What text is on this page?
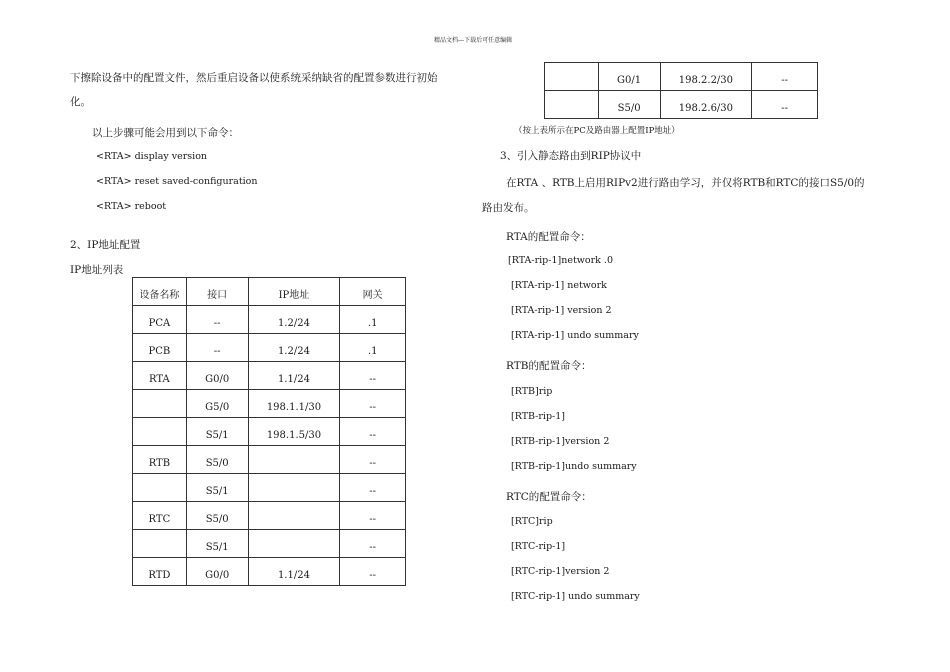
精品文档---下载后可任意编辑
下擦除设备中的配置文件，然后重启设备以使系统采纳缺省的配置参数进行初始
化。
以上步骤可能会用到以下命令：
<RTA> display version
<RTA> reset saved-configuration
<RTA> reboot
2、IP地址配置
IP地址列表
设备名称	接口	IP地址	网关
PCA	--	1.2/24	.1
PCB	--	1.2/24	.1
RTA	G0/0	1.1/24	--
	G5/0	198.1.1/30	--
	S5/1	198.1.5/30	--
RTB	S5/0		--
	S5/1		--
RTC	S5/0		--
	S5/1		--
RTD	G0/0	1.1/24	--
	G0/1	198.2.2/30	--
	S5/0	198.2.6/30	--
（按上表所示在PC及路由器上配置IP地址）
3、引入静态路由到RIP协议中
在RTA 、RTB上启用RIPv2进行路由学习，并仅将RTB和RTC的接口S5/0的
路由发布。
RTA的配置命令：
[RTA-rip-1]network .0
[RTA-rip-1] network
[RTA-rip-1] version 2
[RTA-rip-1] undo summary
RTB的配置命令：
[RTB]rip
[RTB-rip-1]
[RTB-rip-1]version 2
[RTB-rip-1]undo summary
RTC的配置命令：
[RTC]rip
[RTC-rip-1]
[RTC-rip-1]version 2
[RTC-rip-1] undo summary
